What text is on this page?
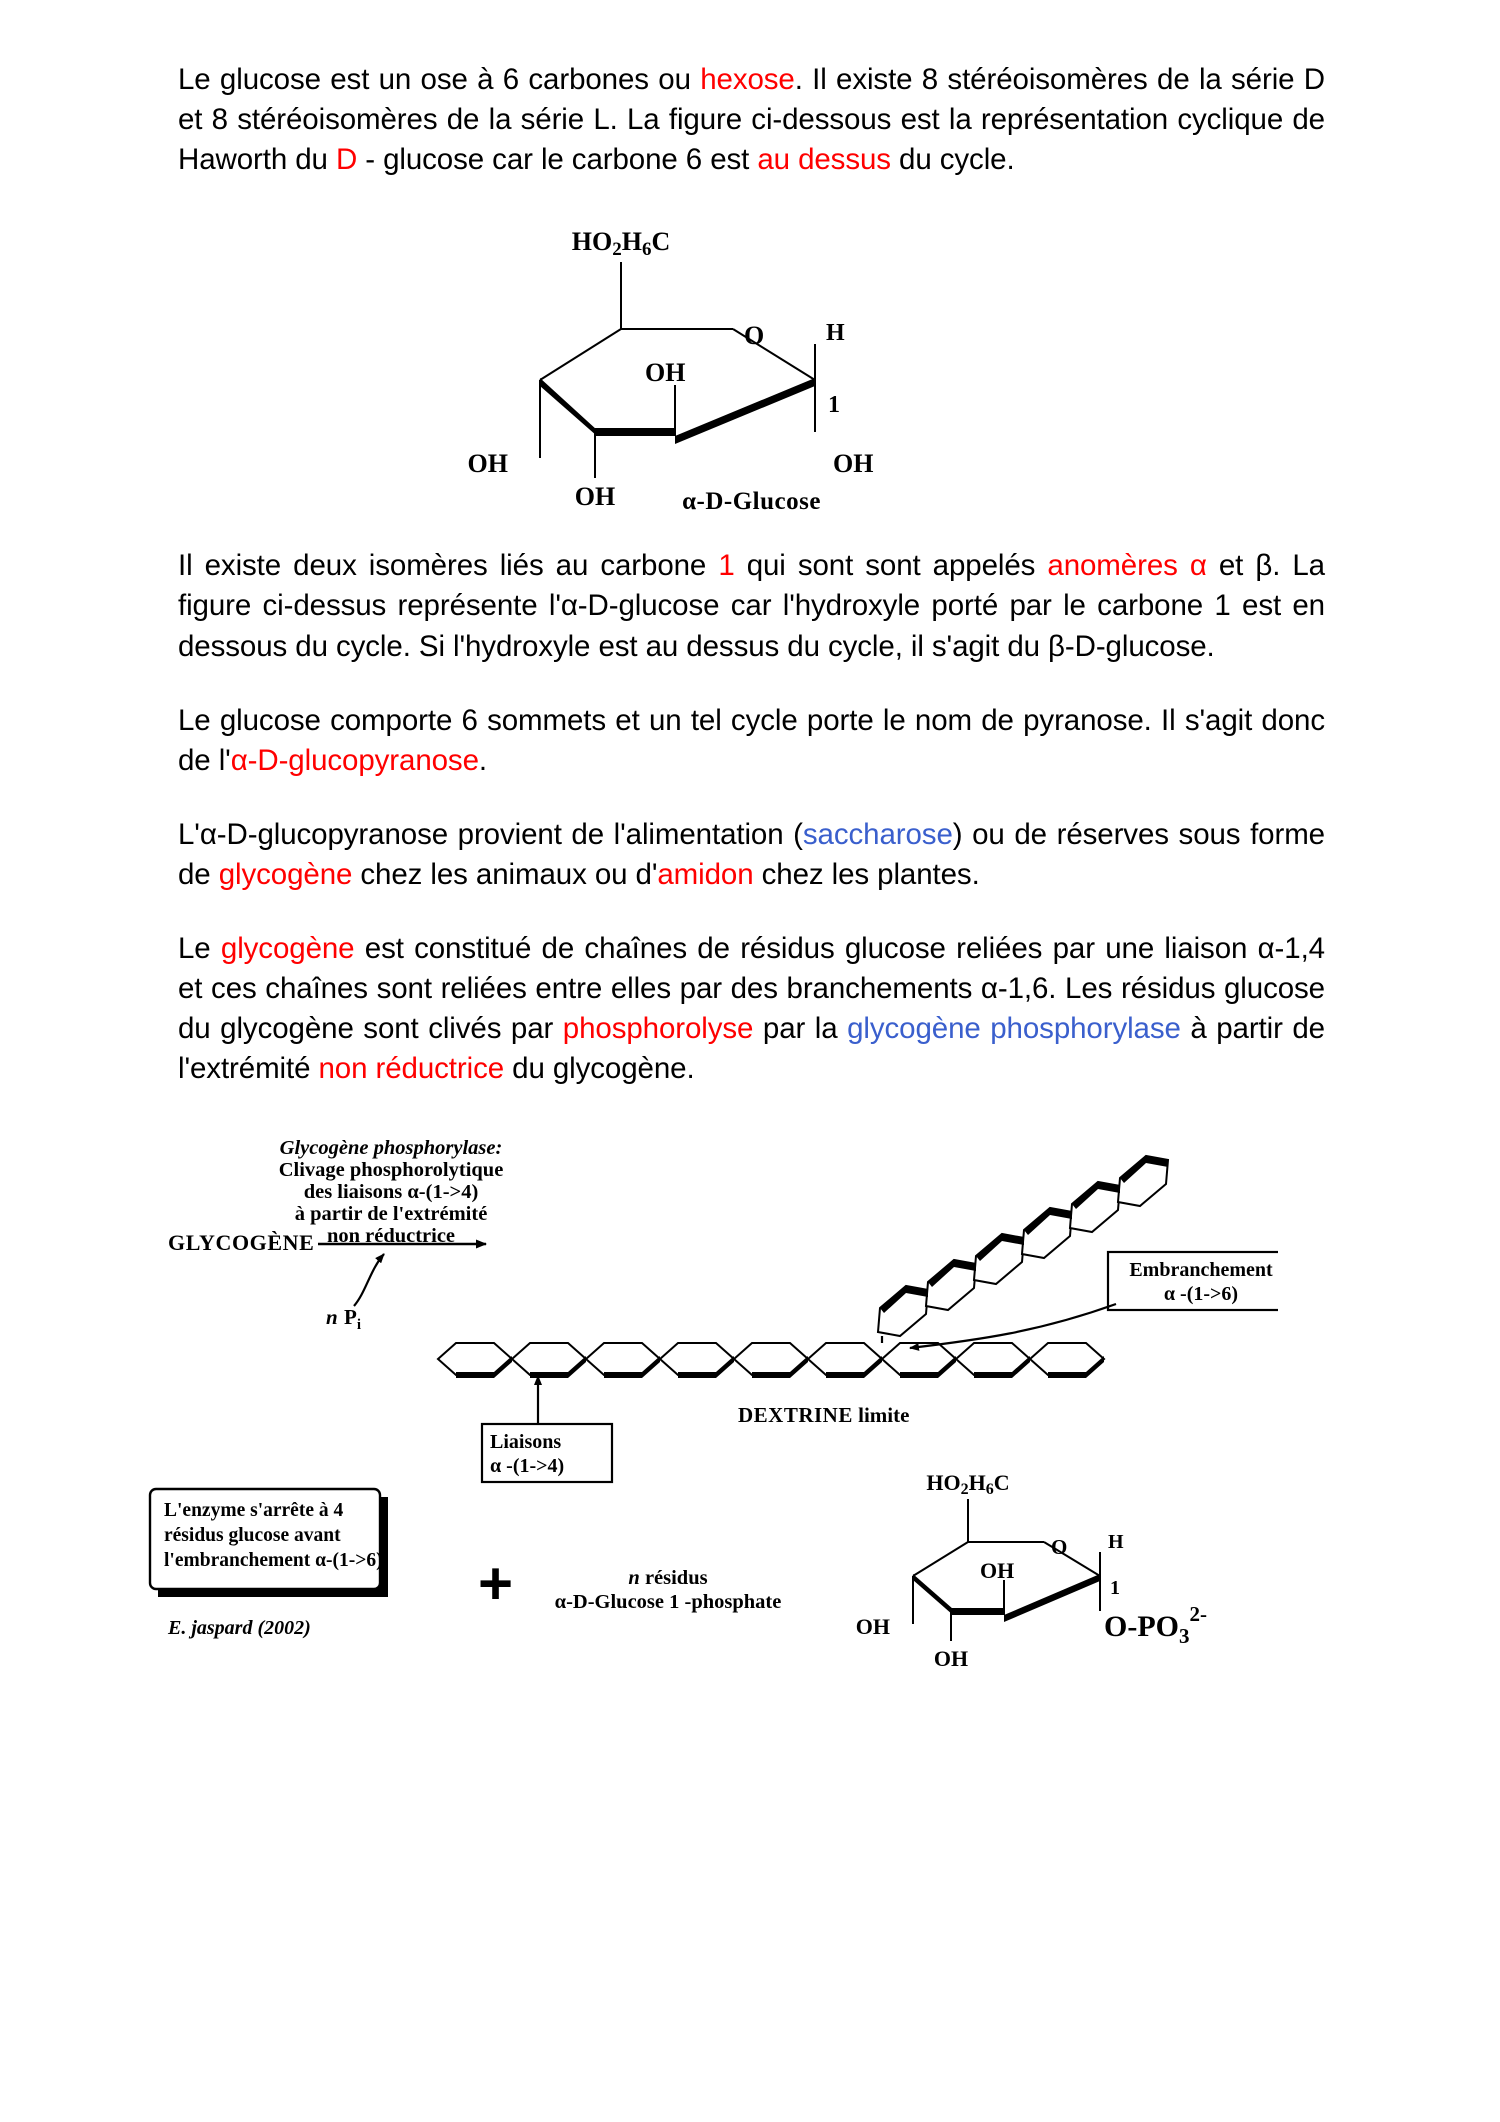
Le glucose est un ose à 6 carbones ou hexose. Il existe 8 stéréoisomères de la série D et 8 stéréoisomères de la série L. La figure ci-dessous est la représentation cyclique de Haworth du D - glucose car le carbone 6 est au dessus du cycle.

HO2H6C
O	H
1
OH
OH	OH
OH	α-D-Glucose

Il existe deux isomères liés au carbone 1 qui sont sont appelés anomères α et β. La figure ci-dessus représente l'α-D-glucose car l'hydroxyle porté par le carbone 1 est en dessous du cycle. Si l'hydroxyle est au dessus du cycle, il s'agit du β-D-glucose.

Le glucose comporte 6 sommets et un tel cycle porte le nom de pyranose. Il s'agit donc de l'α-D-glucopyranose.

L'α-D-glucopyranose provient de l'alimentation (saccharose) ou de réserves sous forme de glycogène chez les animaux ou d'amidon chez les plantes.

Le glycogène est constitué de chaînes de résidus glucose reliées par une liaison α-1,4 et ces chaînes sont reliées entre elles par des branchements α-1,6. Les résidus glucose du glycogène sont clivés par phosphorolyse par la glycogène phosphorylase à partir de l'extrémité non réductrice du glycogène.

GLYCOGÈNE
n $P_i$
Glycogène phosphorylase:
Clivage phosphorolytique
des liaisons α-(1->4)
à partir de l'extrémité
non réductrice
Embranchement
α -(1->6)
Liaisons
α -(1->4)
DEXTRINE limite
L'enzyme s'arrête à 4
résidus glucose avant
l'embranchement α-(1->6) +	n résidus
α-D-Glucose 1 -phosphate
E. jaspard (2002)
HO2H6C
O H
1
OH
OH
OH
$O-PO_3^{2-}$
